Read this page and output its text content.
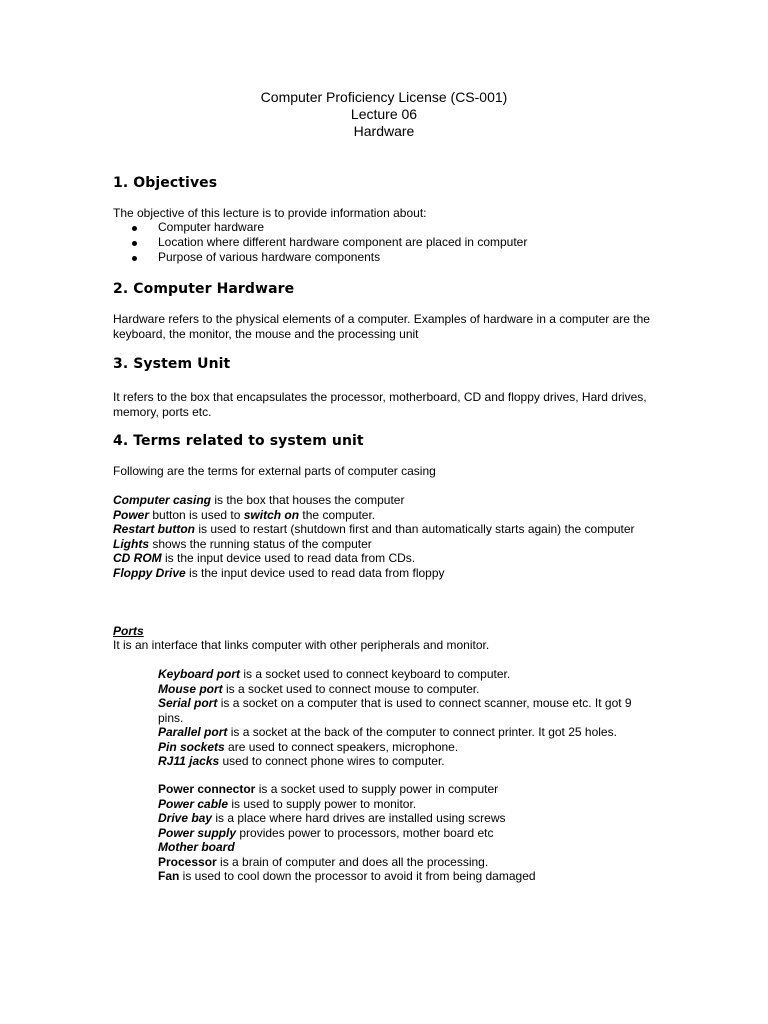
Computer Proficiency License (CS-001)
Lecture 06
Hardware
1. Objectives
The objective of this lecture is to provide information about:
Computer hardware
Location where different hardware component are placed in computer
Purpose of various hardware components
2. Computer Hardware
Hardware refers to the physical elements of a computer. Examples of hardware in a computer are the keyboard, the monitor, the mouse and the processing unit
3. System Unit
It refers to the box that encapsulates the processor, motherboard, CD and floppy drives, Hard drives, memory, ports etc.
4. Terms related to system unit
Following are the terms for external parts of computer casing
Computer casing is the box that houses the computer
Power button is used to switch on the computer.
Restart button is used to restart (shutdown first and than automatically starts again) the computer
Lights shows the running status of the computer
CD ROM is the input device used to read data from CDs.
Floppy Drive is the input device used to read data from floppy
Ports
It is an interface that links computer with other peripherals and monitor.
Keyboard port is a socket used to connect keyboard to computer.
Mouse port is a socket used to connect mouse to computer.
Serial port is a socket on a computer that is used to connect scanner, mouse etc. It got 9 pins.
Parallel port is a socket at the back of the computer to connect printer. It got 25 holes.
Pin sockets are used to connect speakers, microphone.
RJ11 jacks used to connect phone wires to computer.
Power connector is a socket used to supply power in computer
Power cable is used to supply power to monitor.
Drive bay is a place where hard drives are installed using screws
Power supply provides power to processors, mother board etc
Mother board
Processor is a brain of computer and does all the processing.
Fan is used to cool down the processor to avoid it from being damaged
